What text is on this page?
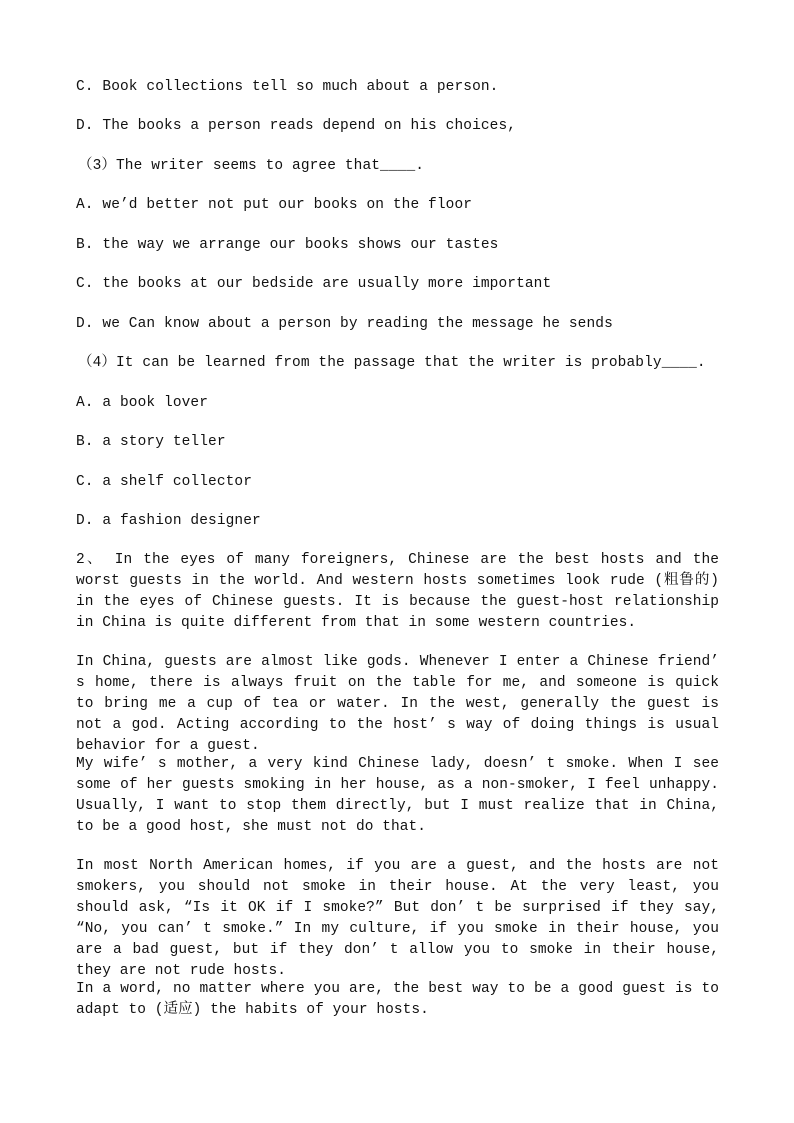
C. Book collections tell so much about a person.
D. The books a person reads depend on his choices,
（3）The writer seems to agree that____.
A. we’d better not put our books on the floor
B. the way we arrange our books shows our tastes
C. the books at our bedside are usually more important
D. we Can know about a person by reading the message he sends
（4）It can be learned from the passage that the writer is probably____.
A. a book lover
B. a story teller
C. a shelf collector
D. a fashion designer
2、 In the eyes of many foreigners, Chinese are the best hosts and the worst guests in the world. And western hosts sometimes look rude (粗鲁的) in the eyes of Chinese guests. It is because the guest-host relationship in China is quite different from that in some western countries.
In China, guests are almost like gods. Whenever I enter a Chinese friend’ s home, there is always fruit on the table for me, and someone is quick to bring me a cup of tea or water. In the west, generally the guest is not a god. Acting according to the host’ s way of doing things is usual behavior for a guest.
My wife’ s mother, a very kind Chinese lady, doesn’ t smoke. When I see some of her guests smoking in her house, as a non-smoker, I feel unhappy. Usually, I want to stop them directly, but I must realize that in China, to be a good host, she must not do that.
In most North American homes, if you are a guest, and the hosts are not smokers, you should not smoke in their house. At the very least, you should ask, “Is it OK if I smoke?” But don’ t be surprised if they say, “No, you can’ t smoke.” In my culture, if you smoke in their house, you are a bad guest, but if they don’ t allow you to smoke in their house, they are not rude hosts.
In a word, no matter where you are, the best way to be a good guest is to adapt to (适应) the habits of your hosts.
